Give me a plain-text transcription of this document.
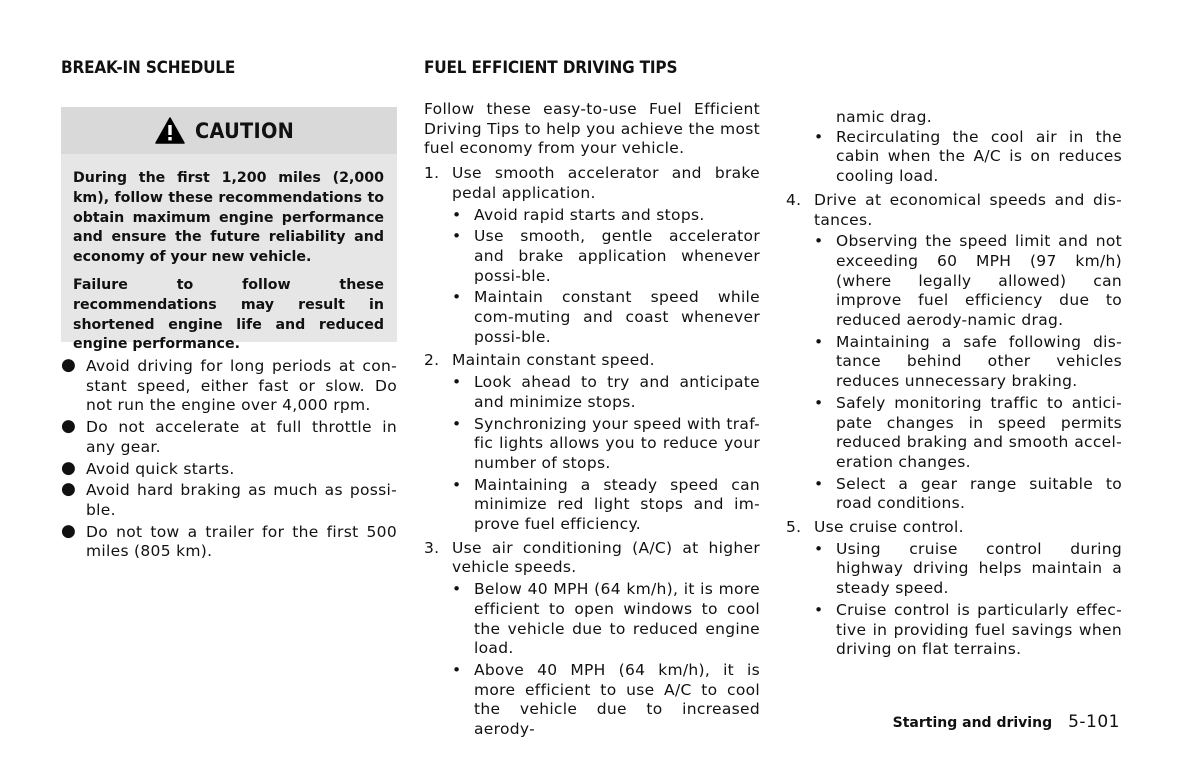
BREAK-IN SCHEDULE
CAUTION

During the first 1,200 miles (2,000 km), follow these recommendations to obtain maximum engine performance and ensure the future reliability and economy of your new vehicle.

Failure to follow these recommendations may result in shortened engine life and reduced engine performance.

● Avoid driving for long periods at con-stant speed, either fast or slow. Do not run the engine over 4,000 rpm.
● Do not accelerate at full throttle in any gear.
● Avoid quick starts.
● Avoid hard braking as much as possi-ble.
● Do not tow a trailer for the first 500 miles (805 km).
FUEL EFFICIENT DRIVING TIPS

Follow these easy-to-use Fuel Efficient Driving Tips to help you achieve the most fuel economy from your vehicle.

1. Use smooth accelerator and brake pedal application.
• Avoid rapid starts and stops.
• Use smooth, gentle accelerator and brake application whenever possi-ble.
• Maintain constant speed while com-muting and coast whenever possi-ble.
2. Maintain constant speed.
• Look ahead to try and anticipate and minimize stops.
• Synchronizing your speed with traf-fic lights allows you to reduce your number of stops.
• Maintaining a steady speed can minimize red light stops and im-prove fuel efficiency.
3. Use air conditioning (A/C) at higher vehicle speeds.
• Below 40 MPH (64 km/h), it is more efficient to open windows to cool the vehicle due to reduced engine load.
• Above 40 MPH (64 km/h), it is more efficient to use A/C to cool the vehicle due to increased aerody-
namic drag.
• Recirculating the cool air in the cabin when the A/C is on reduces cooling load.
4. Drive at economical speeds and dis-tances.
• Observing the speed limit and not exceeding 60 MPH (97 km/h) (where legally allowed) can improve fuel efficiency due to reduced aerody-namic drag.
• Maintaining a safe following dis-tance behind other vehicles reduces unnecessary braking.
• Safely monitoring traffic to antici-pate changes in speed permits reduced braking and smooth accel-eration changes.
• Select a gear range suitable to road conditions.
5. Use cruise control.
• Using cruise control during highway driving helps maintain a steady speed.
• Cruise control is particularly effec-tive in providing fuel savings when driving on flat terrains.
Starting and driving 5-101
